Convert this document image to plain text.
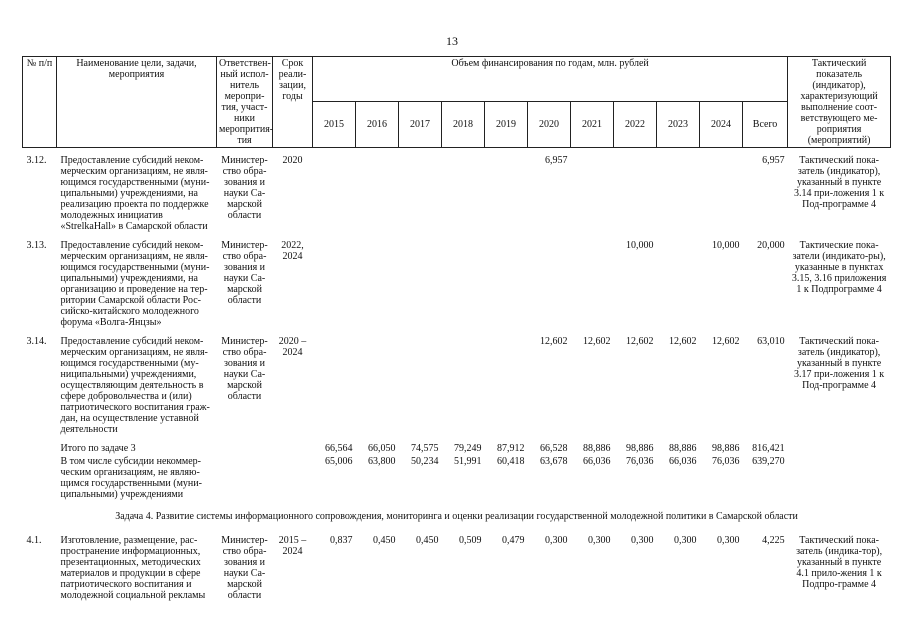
13
№ п/п	Наименование цели, задачи, мероприятия	Ответствен-ный испол-нитель меропри-тия, участ-ники меропрития-тия	Срок реали-зации, годы	Объем финансирования по годам, млн. рублей											Тактический показатель (индикатор), характеризующий выполнение соот-ветствующего ме-роприятия (мероприятий)
				2015	2016	2017	2018	2019	2020	2021	2022	2023	2024	Всего	

3.12.	Предоставление субсидий неком-мерческим организациям, не явля-ющимся государственными (муни-ципальными) учреждениями, на реализацию проекта по поддержке молодежных инициатив «StrelkaHall» в Самарской области	Министер-ство обра-зования и науки Са-марской области	2020						6,957					6,957	Тактический пока-затель (индикатор), указанный в пункте 3.14 при-ложения 1 к Под-программе 4

3.13.	Предоставление субсидий неком-мерческим организациям, не явля-ющимся государственными (муни-ципальными) учреждениями, на организацию и проведение на тер-ритории Самарской области Рос-сийско-китайского молодежного форума «Волга-Янцзы»	Министер-ство обра-зования и науки Са-марской области	2022, 2024								10,000		10,000	20,000	Тактические пока-затели (индикато-ры), указанные в пунктах 3.15, 3.16 приложения 1 к Подпрограмме 4

3.14.	Предоставление субсидий неком-мерческим организациям, не явля-ющимся государственными (му-ниципальными) учреждениями, осуществляющим деятельность в сфере добровольчества и (или) патриотического воспитания граж-дан, на осуществление уставной деятельности	Министер-ство обра-зования и науки Са-марской области	2020 – 2024						12,602	12,602	12,602	12,602	12,602	63,010	Тактический пока-затель (индикатор), указанный в пункте 3.17 при-ложения 1 к Под-программе 4

	Итого по задаче 3			66,564	66,050	74,575	79,249	87,912	66,528	88,886	98,886	88,886	98,886	816,421	
	В том числе субсидии некоммер-ческим организациям, не являю-щимся государственными (муни-ципальными) учреждениями			65,006	63,800	50,234	51,991	60,418	63,678	66,036	76,036	66,036	76,036	639,270	
Задача 4. Развитие системы информационного сопровождения, мониторинга и оценки реализации государственной молодежной политики в Самарской области															
4.1.	Изготовление, размещение, рас-пространение информационных, презентационных, методических материалов и продукции в сфере патриотического воспитания и молодежной социальной рекламы	Министер-ство обра-зования и науки Са-марской области	2015 – 2024	0,837	0,450	0,450	0,509	0,479	0,300	0,300	0,300	0,300	0,300	4,225	Тактический пока-затель (индика-тор), указанный в пункте 4.1 прило-жения 1 к Подпро-грамме 4
